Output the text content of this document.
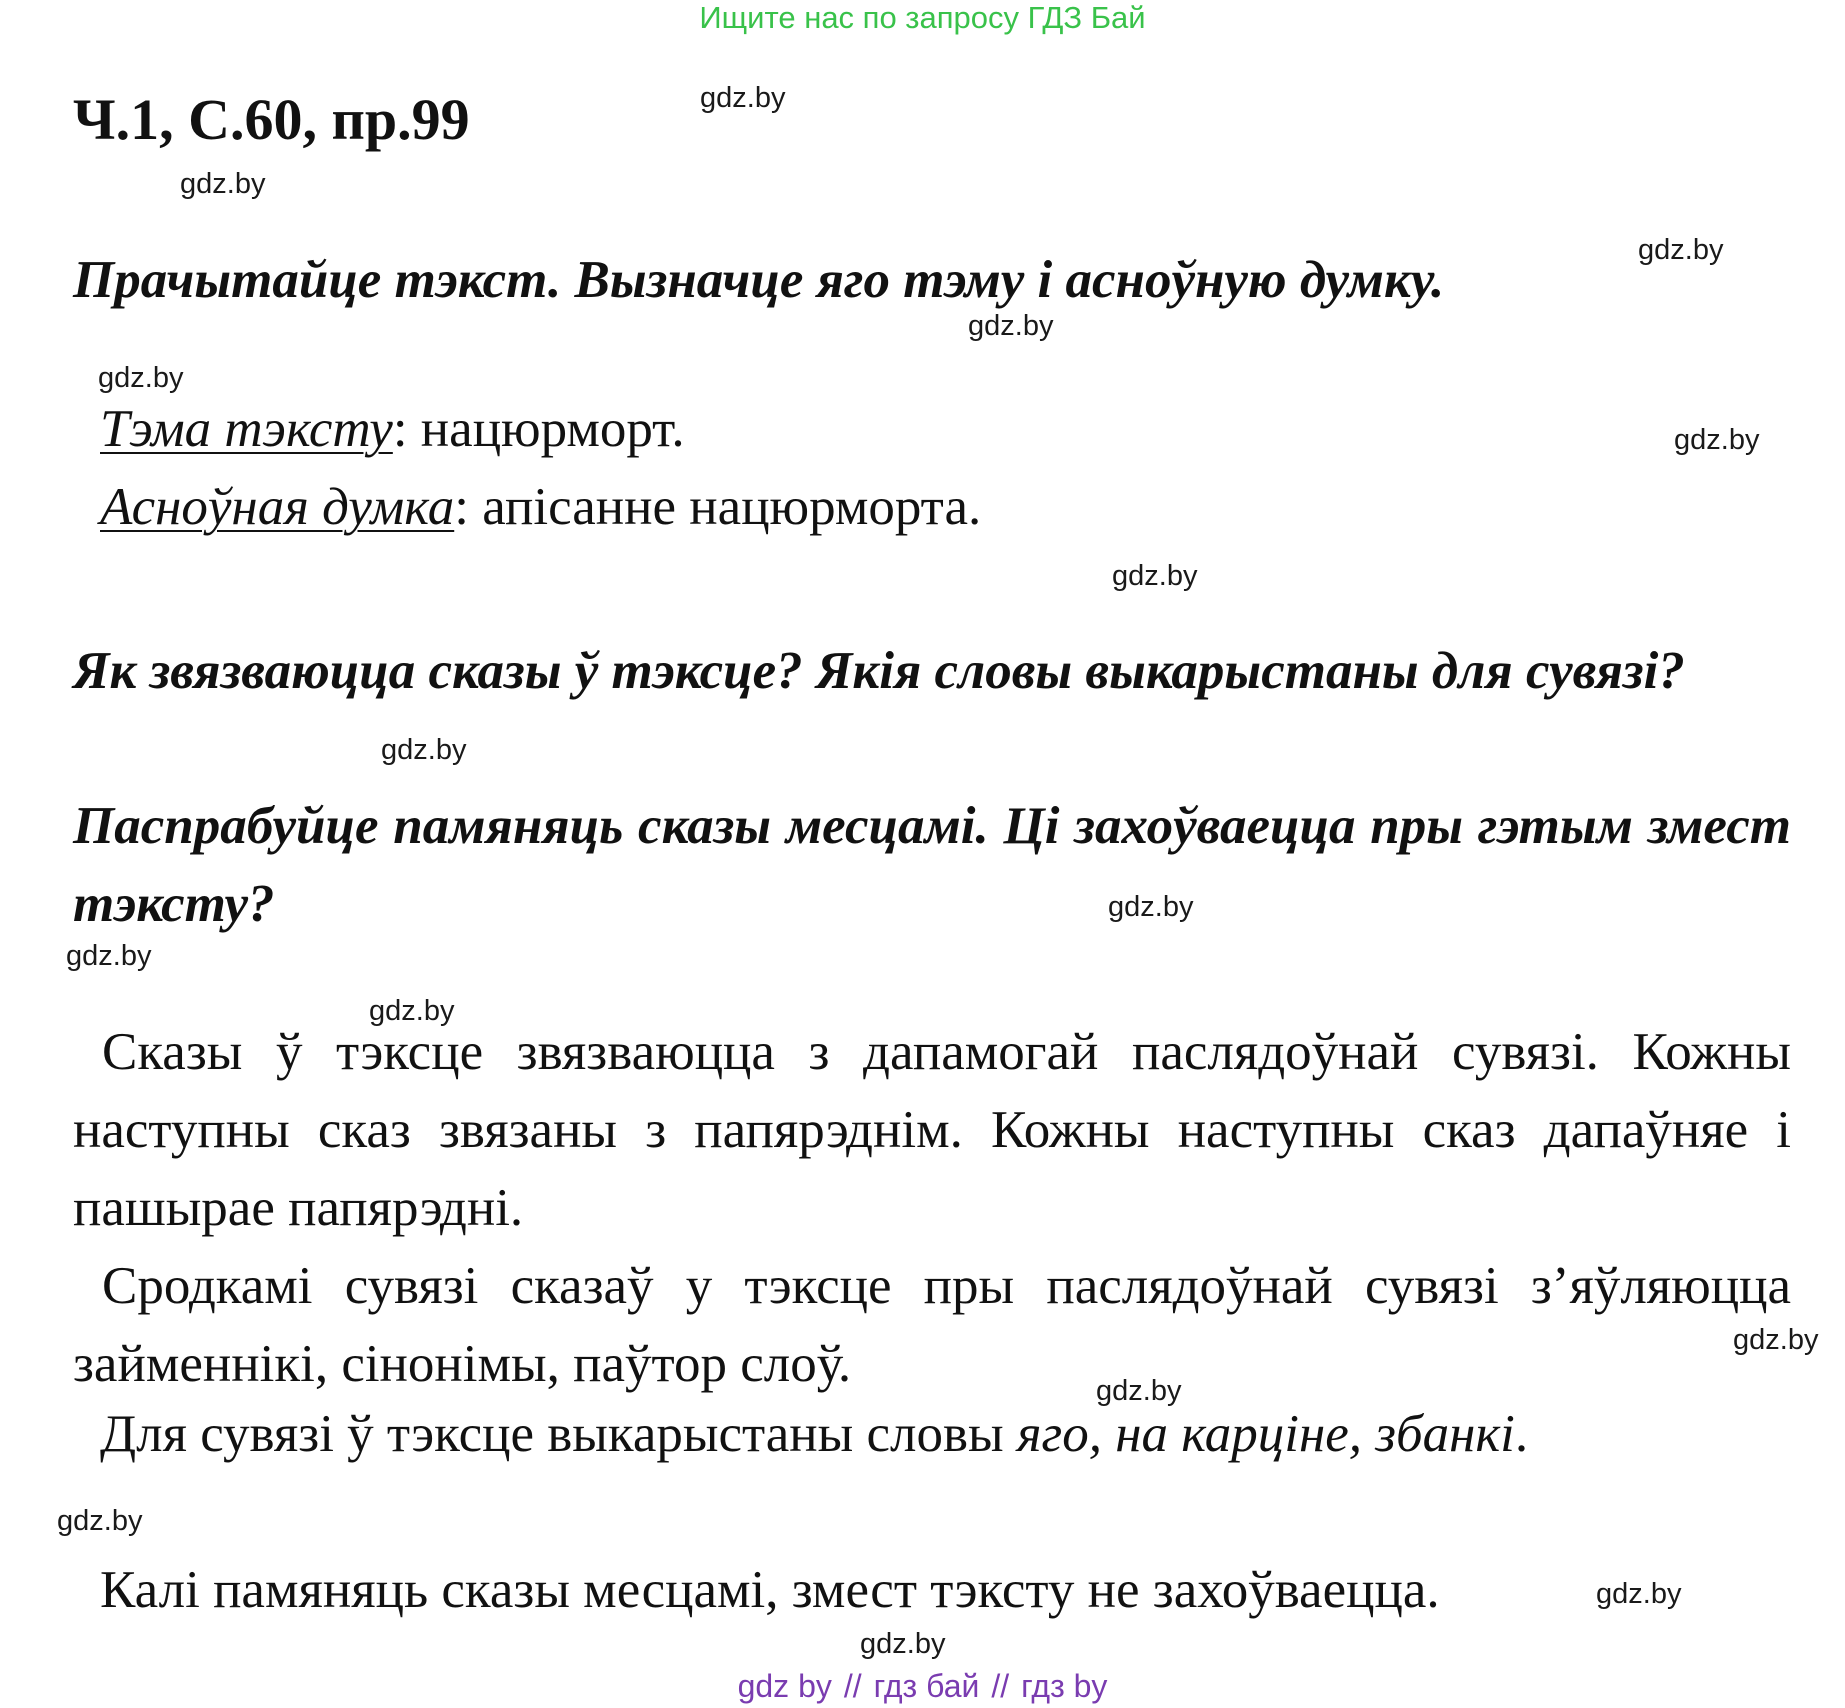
Ищите нас по запросу ГДЗ Бай
Ч.1, С.60, пр.99	gdz.by
gdz.by
gdz.by
gdz.by
gdz.by
gdz.by
gdz.by
gdz.by
gdz.by
gdz.by
gdz.by
gdz.by
gdz.by
gdz.by
gdz.by
gdz.by
Прачытайце тэкст. Вызначце яго тэму і асноўную думку.
Тэма тэксту: нацюрморт.
Асноўная думка: апісанне нацюрморта.
Як звязваюцца сказы ў тэксце? Якія словы выкарыстаны для сувязі?
Паспрабуйце памяняць сказы месцамі. Ці захоўваецца пры гэтым змест тэксту?
Сказы ў тэксце звязваюцца з дапамогай паслядоўнай сувязі. Кожны наступны сказ звязаны з папярэднім. Кожны наступны сказ дапаўняе і пашырае папярэдні.
Сродкамі сувязі сказаў у тэксце пры паслядоўнай сувязі з’яўляюцца займеннікі, сінонімы, паўтор слоў.
Для сувязі ў тэксце выкарыстаны словы яго, на карціне, збанкі.
Калі памяняць сказы месцамі, змест тэксту не захоўваецца.
gdz by // гдз бай // гдз by
